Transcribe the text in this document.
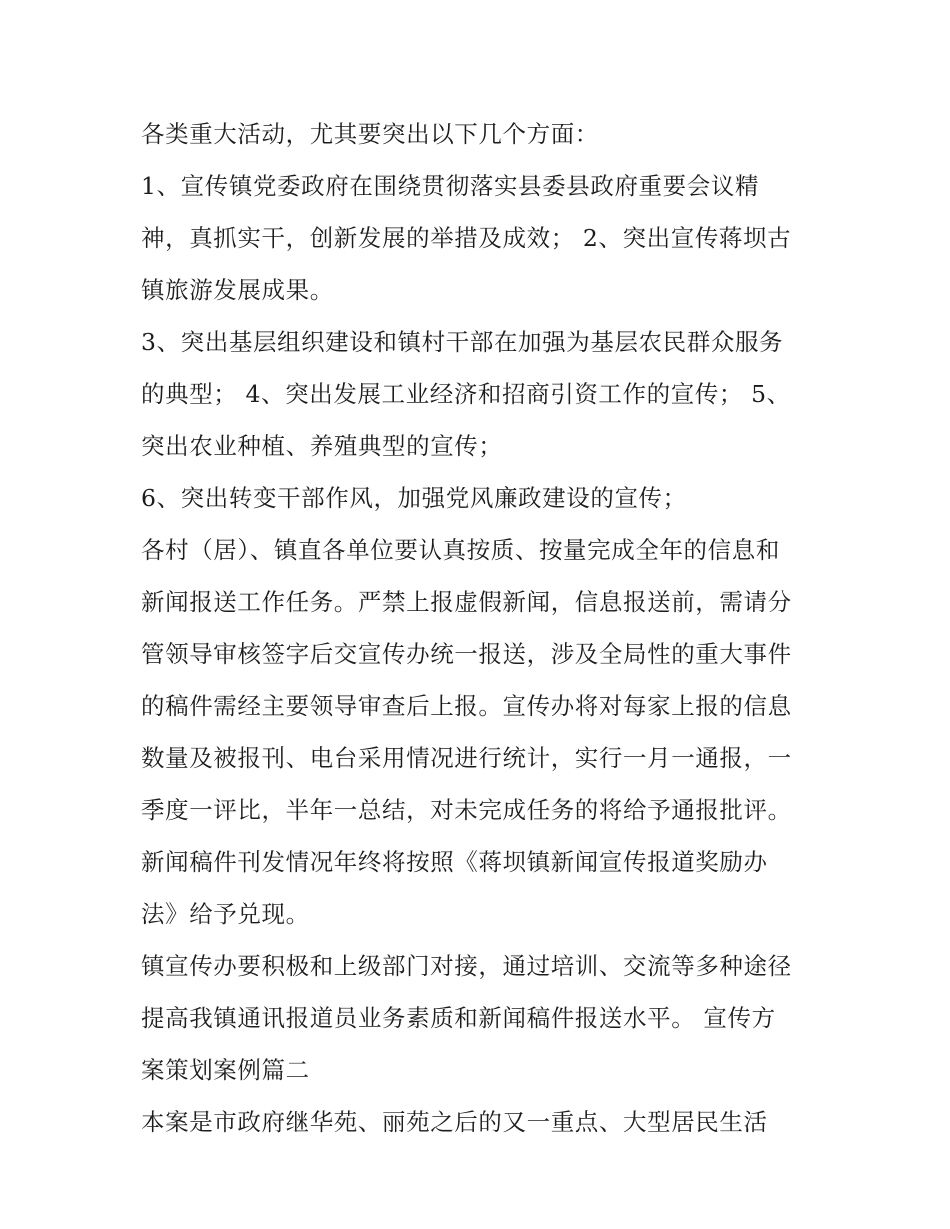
各类重大活动，尤其要突出以下几个方面：
1、宣传镇党委政府在围绕贯彻落实县委县政府重要会议精
神，真抓实干，创新发展的举措及成效； 2、突出宣传蒋坝古
镇旅游发展成果。
3、突出基层组织建设和镇村干部在加强为基层农民群众服务
的典型； 4、突出发展工业经济和招商引资工作的宣传； 5、
突出农业种植、养殖典型的宣传；
6、突出转变干部作风，加强党风廉政建设的宣传；
各村（居）、镇直各单位要认真按质、按量完成全年的信息和
新闻报送工作任务。严禁上报虚假新闻，信息报送前，需请分
管领导审核签字后交宣传办统一报送，涉及全局性的重大事件
的稿件需经主要领导审查后上报。宣传办将对每家上报的信息
数量及被报刊、电台采用情况进行统计，实行一月一通报，一
季度一评比，半年一总结，对未完成任务的将给予通报批评。
新闻稿件刊发情况年终将按照《蒋坝镇新闻宣传报道奖励办
法》给予兑现。
镇宣传办要积极和上级部门对接，通过培训、交流等多种途径
提高我镇通讯报道员业务素质和新闻稿件报送水平。 宣传方
案策划案例篇二
本案是市政府继华苑、丽苑之后的又一重点、大型居民生活
